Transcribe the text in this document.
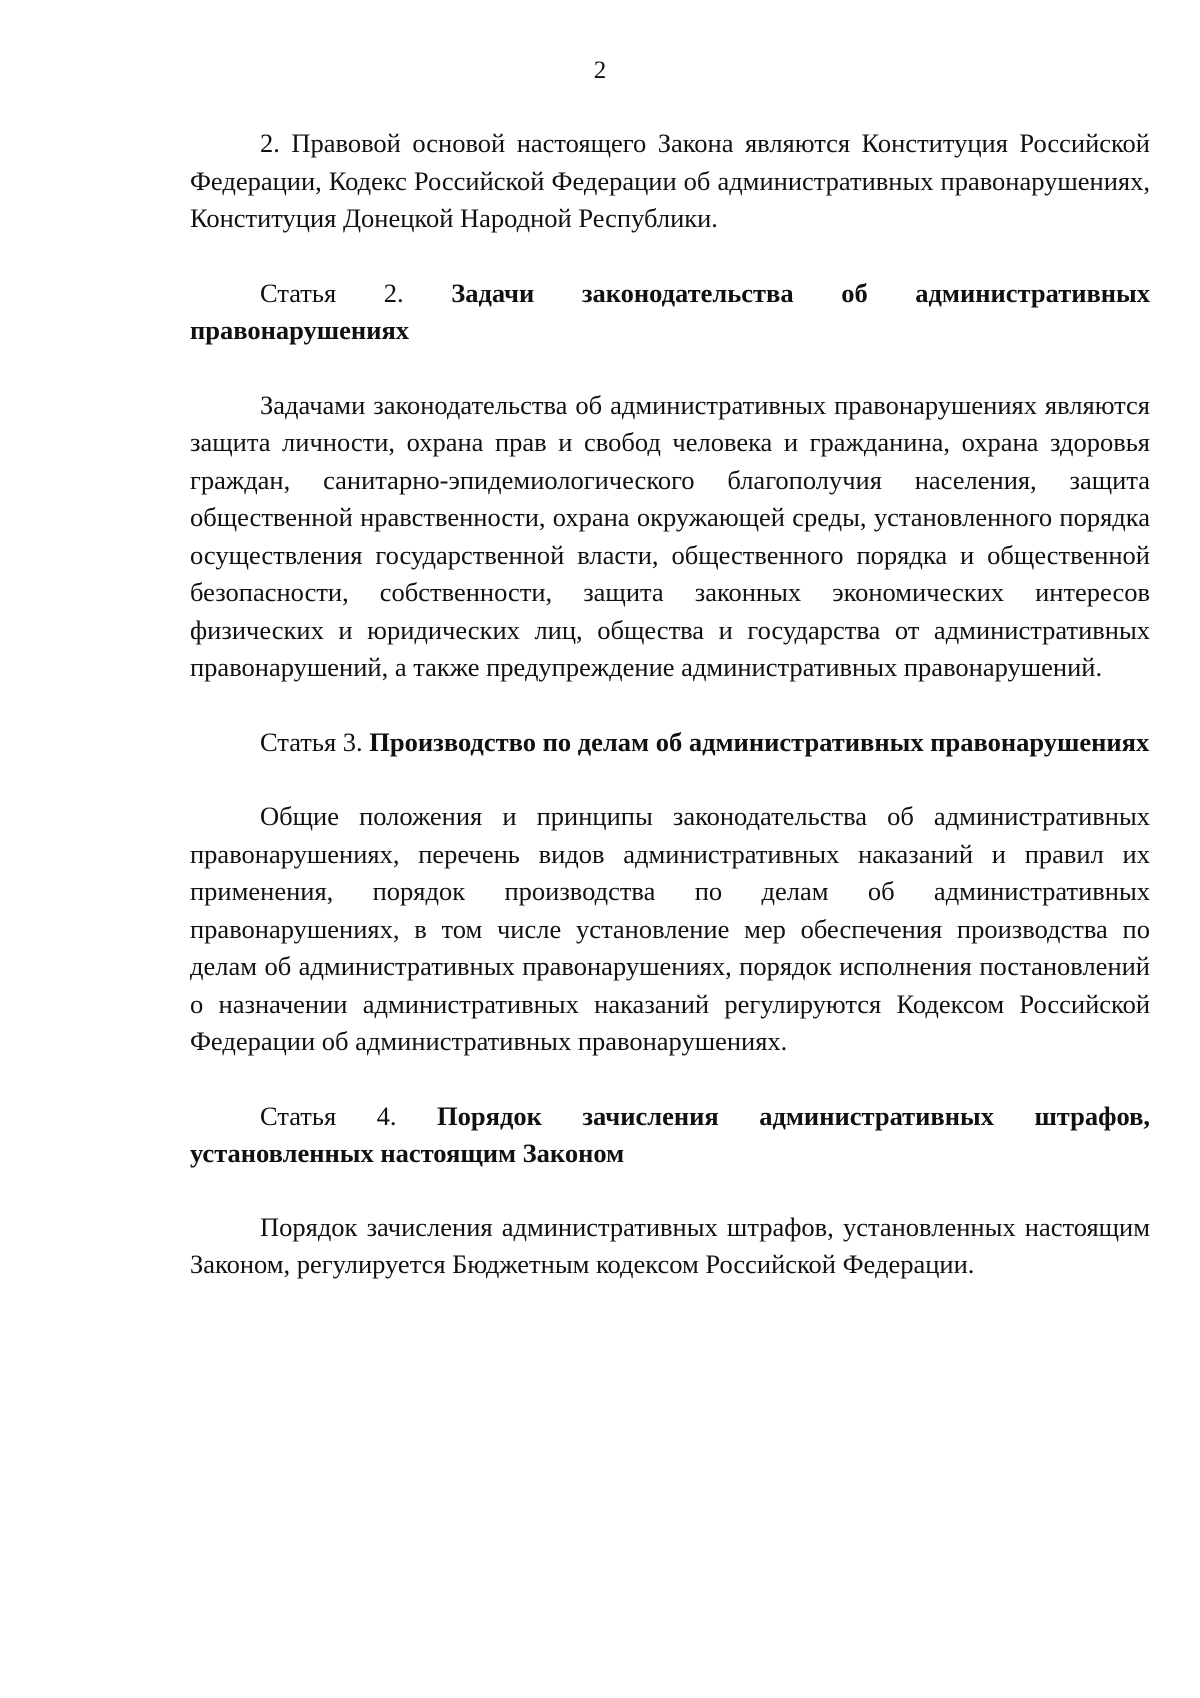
2

2. Правовой основой настоящего Закона являются Конституция Российской Федерации, Кодекс Российской Федерации об административных правонарушениях, Конституция Донецкой Народной Республики.

Статья 2. Задачи законодательства об административных правонарушениях

Задачами законодательства об административных правонарушениях являются защита личности, охрана прав и свобод человека и гражданина, охрана здоровья граждан, санитарно-эпидемиологического благополучия населения, защита общественной нравственности, охрана окружающей среды, установленного порядка осуществления государственной власти, общественного порядка и общественной безопасности, собственности, защита законных экономических интересов физических и юридических лиц, общества и государства от административных правонарушений, а также предупреждение административных правонарушений.

Статья 3. Производство по делам об административных правонарушениях

Общие положения и принципы законодательства об административных правонарушениях, перечень видов административных наказаний и правил их применения, порядок производства по делам об административных правонарушениях, в том числе установление мер обеспечения производства по делам об административных правонарушениях, порядок исполнения постановлений о назначении административных наказаний регулируются Кодексом Российской Федерации об административных правонарушениях.

Статья 4. Порядок зачисления административных штрафов, установленных настоящим Законом

Порядок зачисления административных штрафов, установленных настоящим Законом, регулируется Бюджетным кодексом Российской Федерации.
